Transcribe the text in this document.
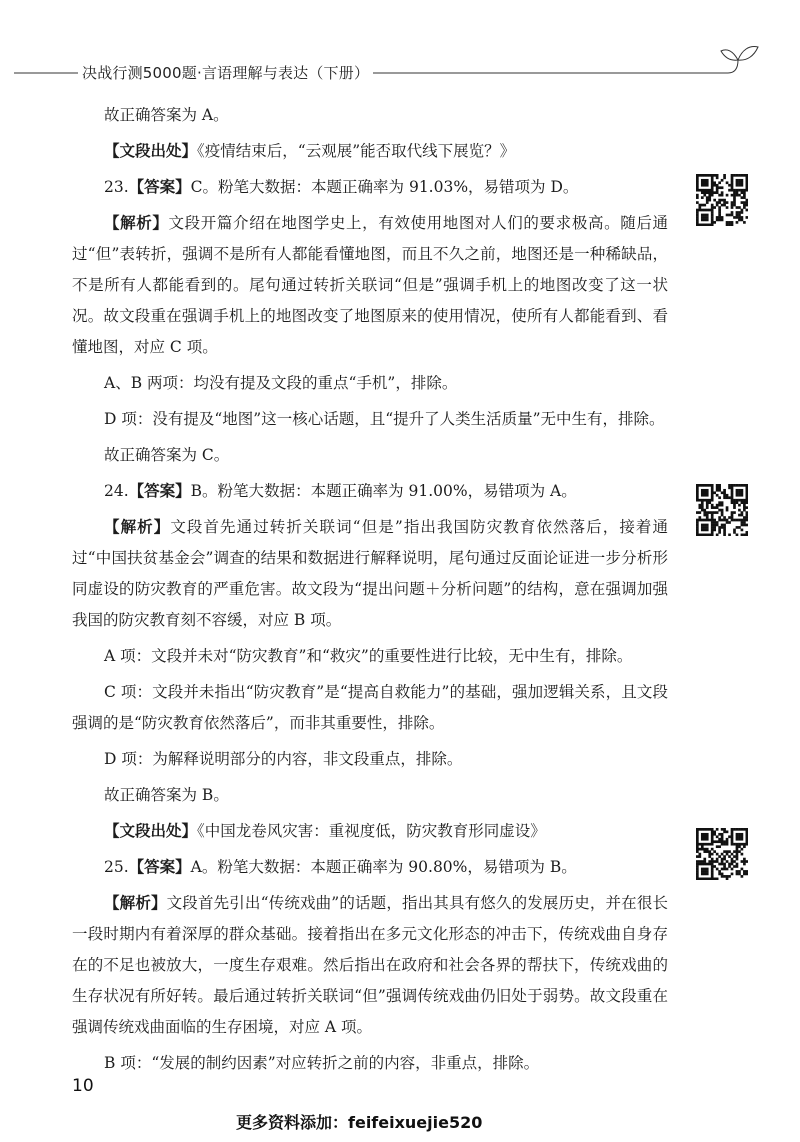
决战行测5000题·言语理解与表达（下册）

故正确答案为 A。

【文段出处】《疫情结束后，“云观展”能否取代线下展览？》

23.【答案】C。粉笔大数据：本题正确率为 91.03%，易错项为 D。

【解析】文段开篇介绍在地图学史上，有效使用地图对人们的要求极高。随后通过“但”表转折，强调不是所有人都能看懂地图，而且不久之前，地图还是一种稀缺品，不是所有人都能看到的。尾句通过转折关联词“但是”强调手机上的地图改变了这一状况。故文段重在强调手机上的地图改变了地图原来的使用情况，使所有人都能看到、看懂地图，对应 C 项。

A、B 两项：均没有提及文段的重点“手机”，排除。

D 项：没有提及“地图”这一核心话题，且“提升了人类生活质量”无中生有，排除。

故正确答案为 C。

24.【答案】B。粉笔大数据：本题正确率为 91.00%，易错项为 A。

【解析】文段首先通过转折关联词“但是”指出我国防灾教育依然落后，接着通过“中国扶贫基金会”调查的结果和数据进行解释说明，尾句通过反面论证进一步分析形同虚设的防灾教育的严重危害。故文段为“提出问题＋分析问题”的结构，意在强调加强我国的防灾教育刻不容缓，对应 B 项。

A 项：文段并未对“防灾教育”和“救灾”的重要性进行比较，无中生有，排除。

C 项：文段并未指出“防灾教育”是“提高自救能力”的基础，强加逻辑关系，且文段强调的是“防灾教育依然落后”，而非其重要性，排除。

D 项：为解释说明部分的内容，非文段重点，排除。

故正确答案为 B。

【文段出处】《中国龙卷风灾害：重视度低，防灾教育形同虚设》

25.【答案】A。粉笔大数据：本题正确率为 90.80%，易错项为 B。

【解析】文段首先引出“传统戏曲”的话题，指出其具有悠久的发展历史，并在很长一段时期内有着深厚的群众基础。接着指出在多元文化形态的冲击下，传统戏曲自身存在的不足也被放大，一度生存艰难。然后指出在政府和社会各界的帮扶下，传统戏曲的生存状况有所好转。最后通过转折关联词“但”强调传统戏曲仍旧处于弱势。故文段重在强调传统戏曲面临的生存困境，对应 A 项。

B 项：“发展的制约因素”对应转折之前的内容，非重点，排除。

10
更多资料添加：feifeixuejie520
